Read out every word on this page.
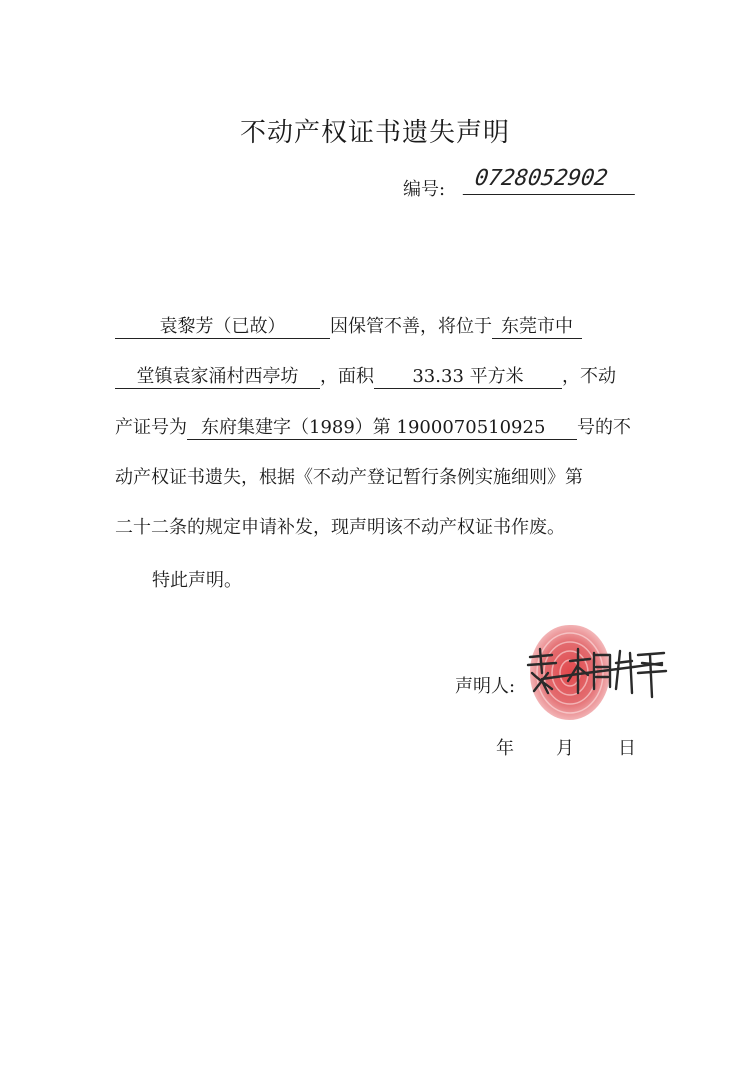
不动产权证书遗失声明
编号:	0728052902
袁黎芳（已故） 因保管不善，将位于 东莞市中
堂镇袁家涌村西亭坊 ，面积 33.33 平方米 ，不动
产证号为 东府集建字（1989）第 1900070510925 号的不
动产权证书遗失，根据《不动产登记暂行条例实施细则》第
二十二条的规定申请补发，现声明该不动产权证书作废。
特此声明。
声明人:
年 月 日
